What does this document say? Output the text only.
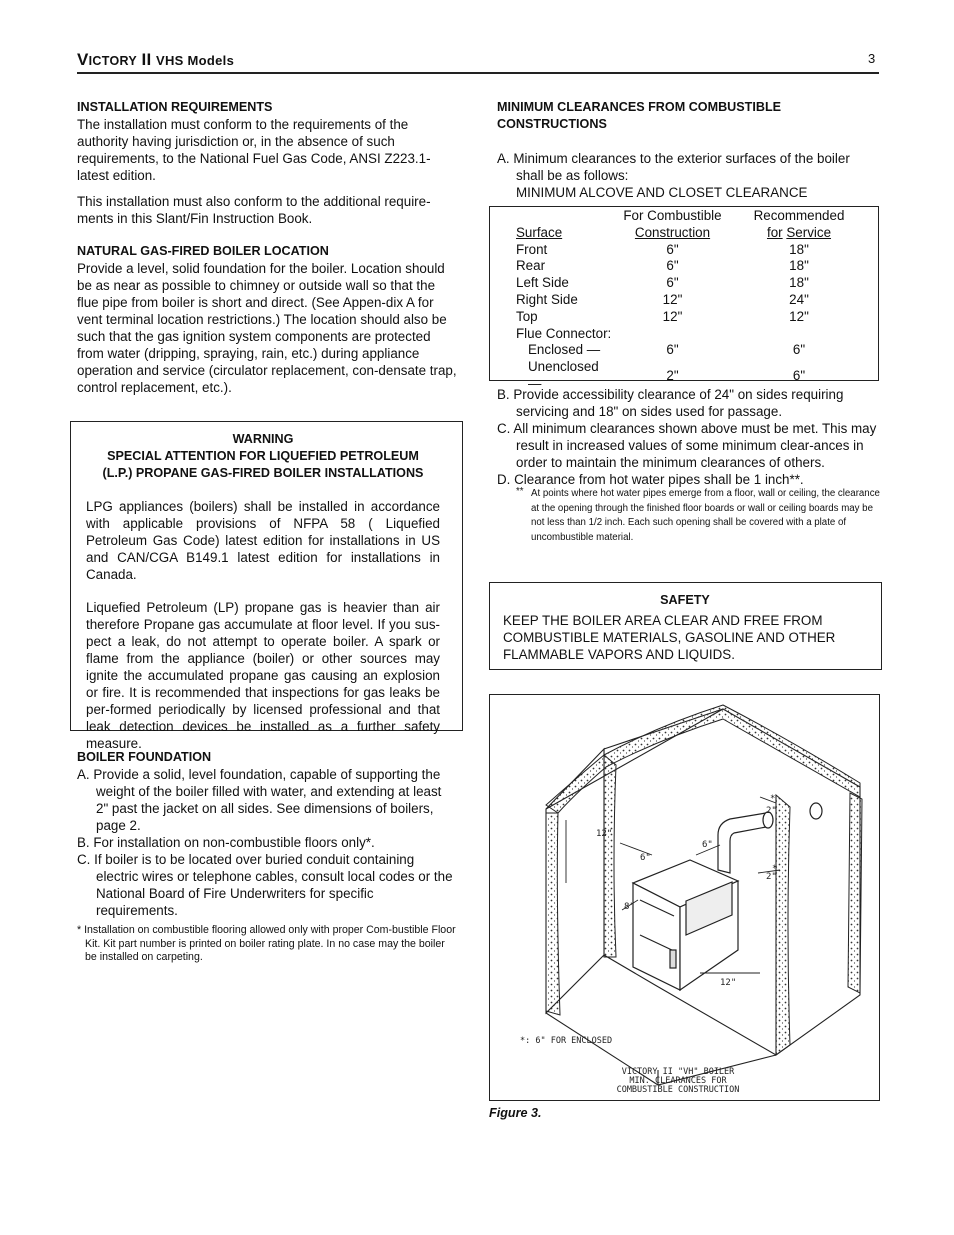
VICTORY II VHS Models	3

INSTALLATION REQUIREMENTS

The installation must conform to the requirements of the authority having jurisdiction or, in the absence of such requirements, to the National Fuel Gas Code, ANSI Z223.1-latest edition.

This installation must also conform to the additional require-ments in this Slant/Fin Instruction Book.

NATURAL GAS-FIRED BOILER LOCATION

Provide a level, solid foundation for the boiler. Location should be as near as possible to chimney or outside wall so that the flue pipe from boiler is short and direct. (See Appen-dix A for vent terminal location restrictions.) The location should also be such that the gas ignition system components are protected from water (dripping, spraying, rain, etc.) during appliance operation and service (circulator replacement, con-densate trap, control replacement, etc.).

WARNING

SPECIAL ATTENTION FOR LIQUEFIED PETROLEUM

(L.P.) PROPANE GAS-FIRED BOILER INSTALLATIONS

LPG appliances (boilers) shall be installed in accordance with applicable provisions of NFPA 58 ( Liquefied Petroleum Gas Code) latest edition for installations in US and CAN/CGA B149.1 latest edition for installations in Canada.

Liquefied Petroleum (LP) propane gas is heavier than air therefore Propane gas accumulate at floor level. If you sus-pect a leak, do not attempt to operate boiler. A spark or flame from the appliance (boiler) or other sources may ignite the accumulated propane gas causing an explosion or fire. It is recommended that inspections for gas leaks be per-formed periodically by licensed professional and that leak detection devices be installed as a further safety measure.

BOILER FOUNDATION

A. Provide a solid, level foundation, capable of supporting the weight of the boiler filled with water, and extending at least 2" past the jacket on all sides. See dimensions of boilers, page 2.

B. For installation on non-combustible floors only*.

C. If boiler is to be located over buried conduit containing electric wires or telephone cables, consult local codes or the National Board of Fire Underwriters for specific requirements.

* Installation on combustible flooring allowed only with proper Com-bustible Floor Kit. Kit part number is printed on boiler rating plate. In no case may the boiler be installed on carpeting.

MINIMUM CLEARANCES FROM COMBUSTIBLE

CONSTRUCTIONS

A. Minimum clearances to the exterior surfaces of the boiler

shall be as follows:

MINIMUM ALCOVE AND CLOSET CLEARANCE

	For Combustible	Recommended
Surface	Construction	for Service
Front	6"	18"
Rear	6"	18"
Left Side	6"	18"
Right Side	12"	24"
Top	12"	12"
Flue Connector:		
Enclosed —	6"	6"
Unenclosed —	2"	6"

B. Provide accessibility clearance of 24" on sides requiring servicing and 18" on sides used for passage.

C. All minimum clearances shown above must be met. This may result in increased values of some minimum clear-ances in order to maintain the minimum clearances of others.

D. Clearance from hot water pipes shall be 1 inch**.

** At points where hot water pipes emerge from a floor, wall or ceiling, the clearance at the opening through the finished floor boards or wall or ceiling boards may be not less than 1/2 inch. Each such opening shall be covered with a plate of uncombustible material.

SAFETY

KEEP THE BOILER AREA CLEAR AND FREE FROM COMBUSTIBLE MATERIALS, GASOLINE AND OTHER FLAMMABLE VAPORS AND LIQUIDS.

12"
6"
6"
8"
12"
2"
2"
*
*
*: 6" FOR ENCLOSED
VICTORY II "VH" BOILER
MIN. CLEARANCES FOR
COMBUSTIBLE CONSTRUCTION
Figure 3.
